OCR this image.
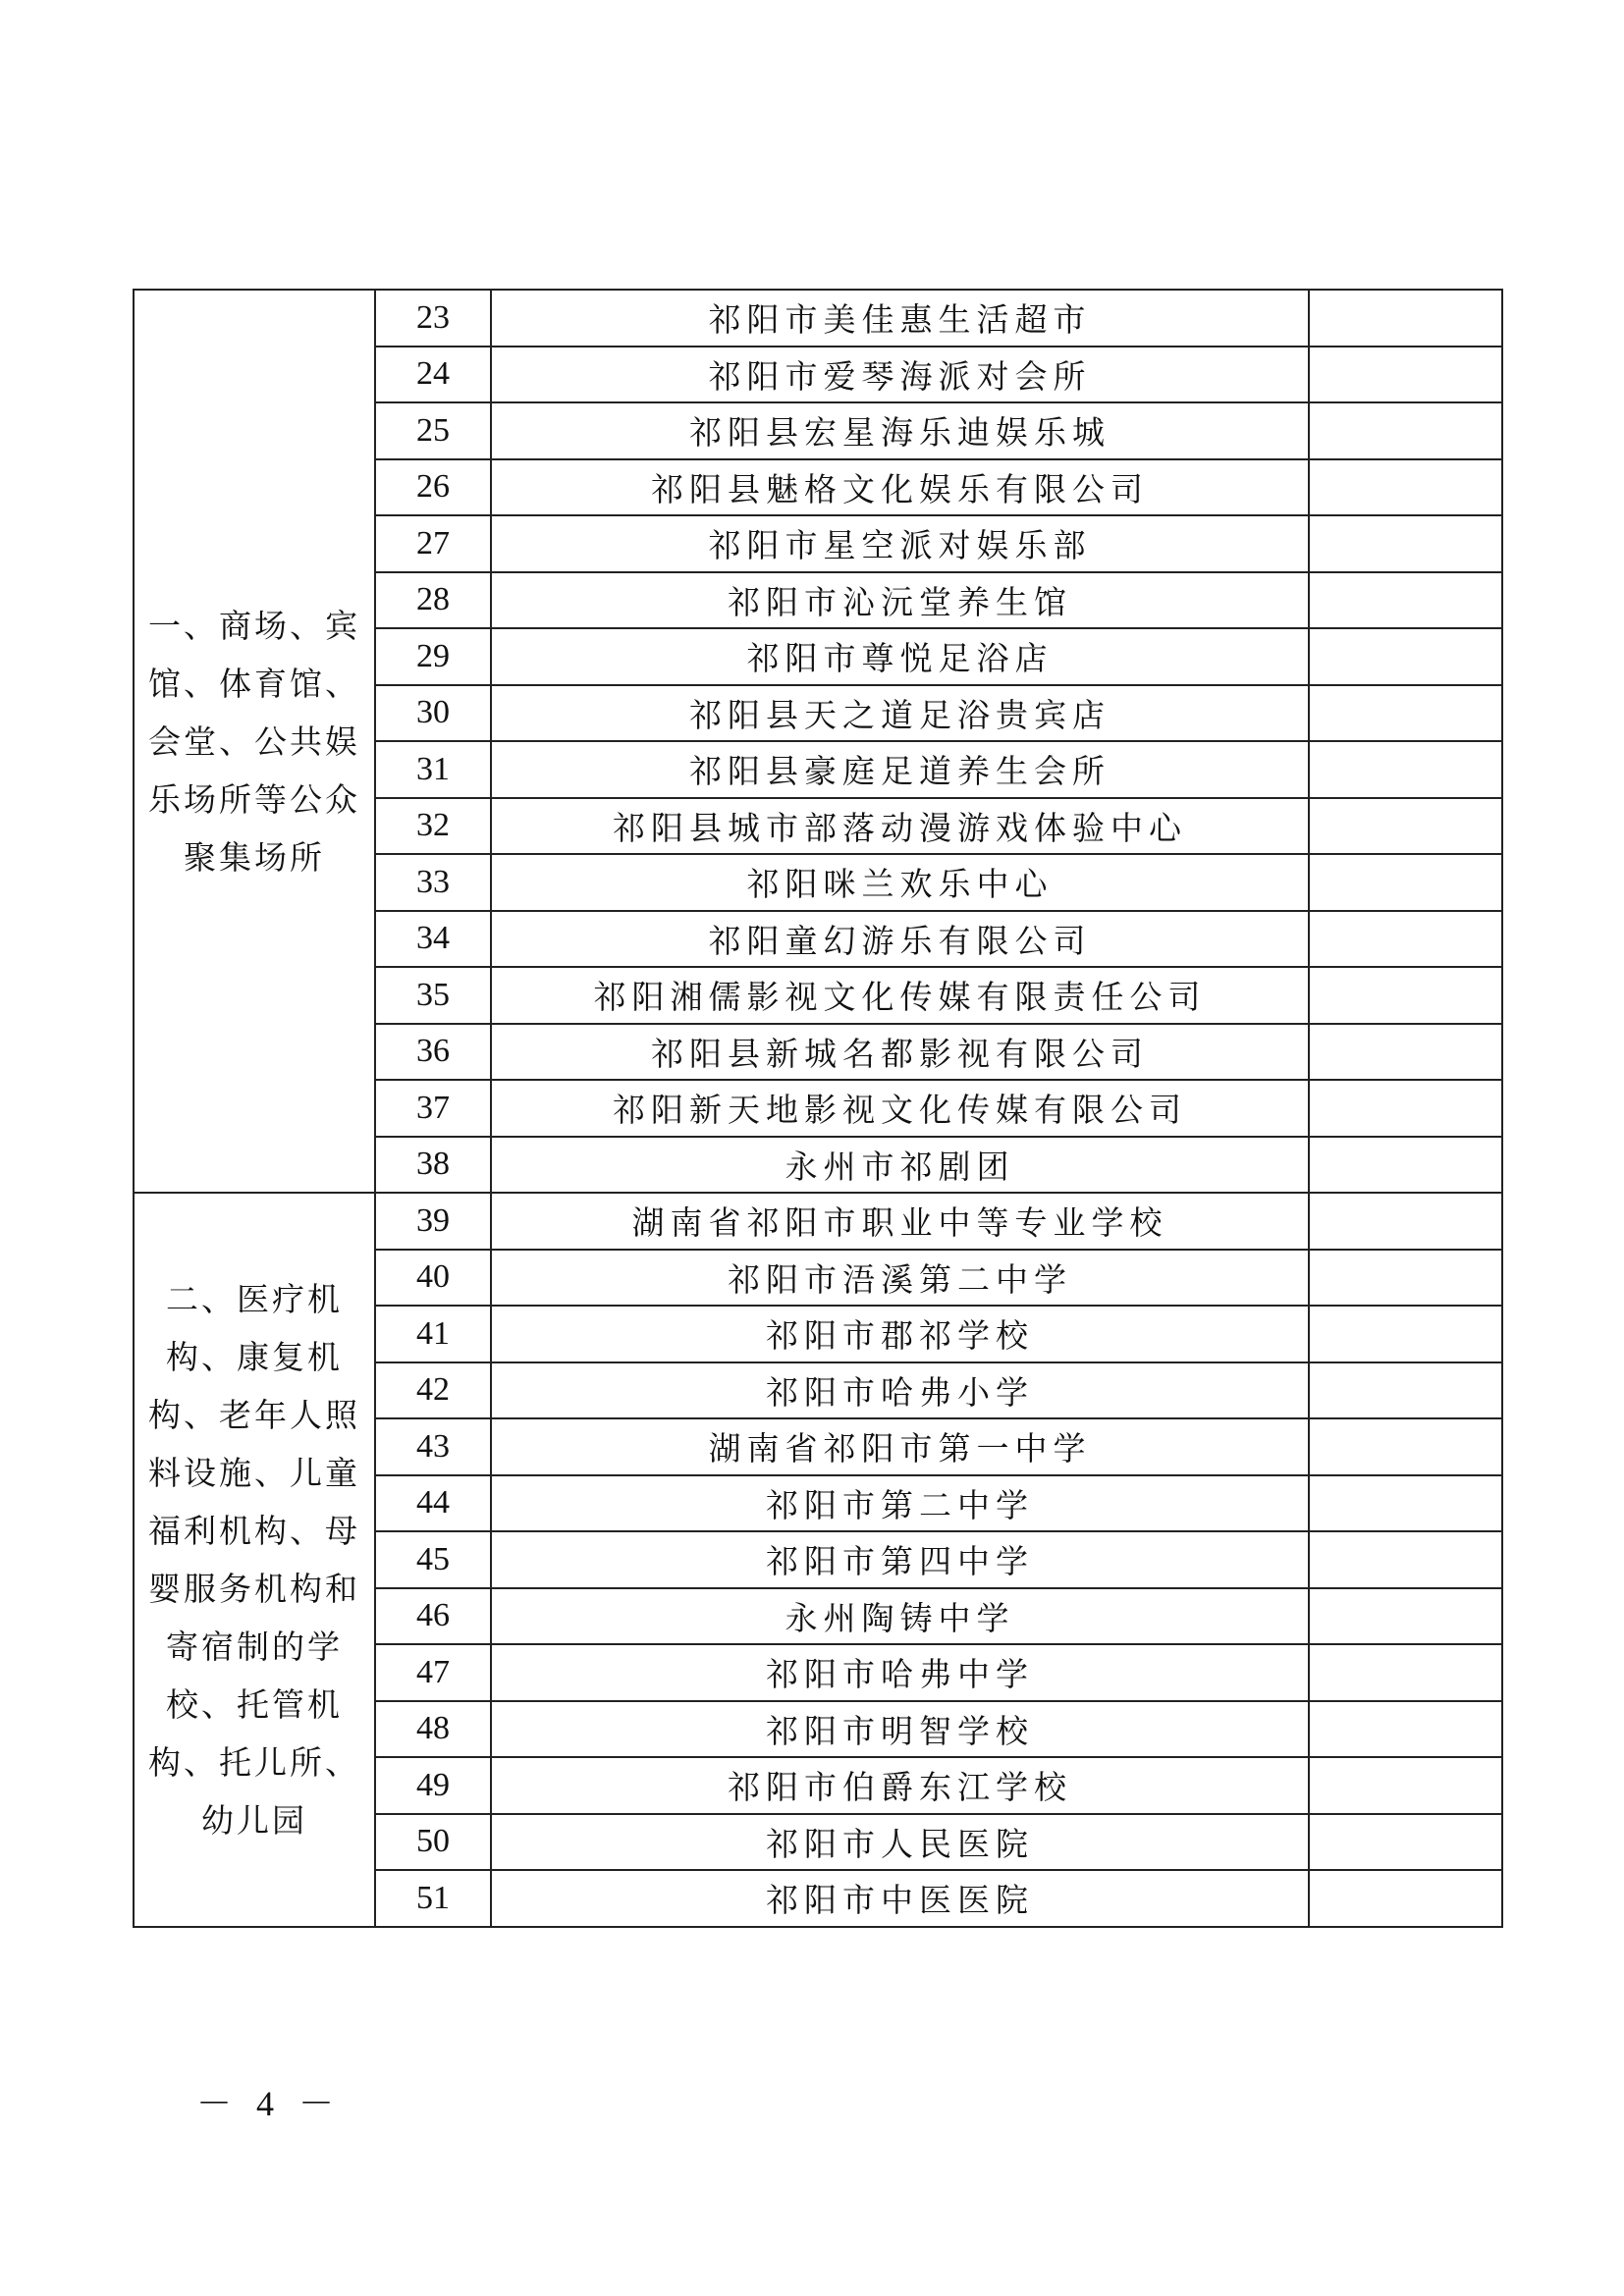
一、商场、宾馆、体育馆、会堂、公共娱乐场所等公众聚集场所	23	祁阳市美佳惠生活超市	
	24	祁阳市爱琴海派对会所	
	25	祁阳县宏星海乐迪娱乐城	
	26	祁阳县魅格文化娱乐有限公司	
	27	祁阳市星空派对娱乐部	
	28	祁阳市沁沅堂养生馆	
	29	祁阳市尊悦足浴店	
	30	祁阳县天之道足浴贵宾店	
	31	祁阳县豪庭足道养生会所	
	32	祁阳县城市部落动漫游戏体验中心	
	33	祁阳咪兰欢乐中心	
	34	祁阳童幻游乐有限公司	
	35	祁阳湘儒影视文化传媒有限责任公司	
	36	祁阳县新城名都影视有限公司	
	37	祁阳新天地影视文化传媒有限公司	
	38	永州市祁剧团	

二、医疗机构、康复机构、老年人照料设施、儿童福利机构、母婴服务机构和寄宿制的学校、托管机构、托儿所、幼儿园	39	湖南省祁阳市职业中等专业学校	
	40	祁阳市浯溪第二中学	
	41	祁阳市郡祁学校	
	42	祁阳市哈弗小学	
	43	湖南省祁阳市第一中学	
	44	祁阳市第二中学	
	45	祁阳市第四中学	
	46	永州陶铸中学	
	47	祁阳市哈弗中学	
	48	祁阳市明智学校	
	49	祁阳市伯爵东江学校	
	50	祁阳市人民医院	
	51	祁阳市中医医院	
－ 4 －
